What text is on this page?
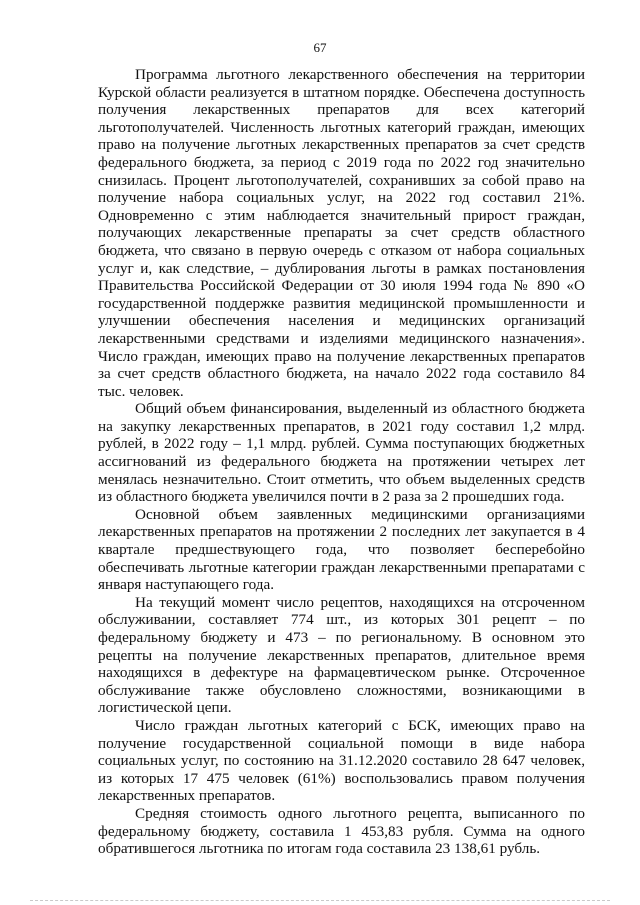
67

Программа льготного лекарственного обеспечения на территории Курской области реализуется в штатном порядке. Обеспечена доступность получения лекарственных препаратов для всех категорий льготополучателей. Численность льготных категорий граждан, имеющих право на получение льготных лекарственных препаратов за счет средств федерального бюджета, за период с 2019 года по 2022 год значительно снизилась. Процент льготополучателей, сохранивших за собой право на получение набора социальных услуг, на 2022 год составил 21%. Одновременно с этим наблюдается значительный прирост граждан, получающих лекарственные препараты за счет средств областного бюджета, что связано в первую очередь с отказом от набора социальных услуг и, как следствие, – дублирования льготы в рамках постановления Правительства Российской Федерации от 30 июля 1994 года № 890 «О государственной поддержке развития медицинской промышленности и улучшении обеспечения населения и медицинских организаций лекарственными средствами и изделиями медицинского назначения». Число граждан, имеющих право на получение лекарственных препаратов за счет средств областного бюджета, на начало 2022 года составило 84 тыс. человек.

Общий объем финансирования, выделенный из областного бюджета на закупку лекарственных препаратов, в 2021 году составил 1,2 млрд. рублей, в 2022 году – 1,1 млрд. рублей. Сумма поступающих бюджетных ассигнований из федерального бюджета на протяжении четырех лет менялась незначительно. Стоит отметить, что объем выделенных средств из областного бюджета увеличился почти в 2 раза за 2 прошедших года.

Основной объем заявленных медицинскими организациями лекарственных препаратов на протяжении 2 последних лет закупается в 4 квартале предшествующего года, что позволяет бесперебойно обеспечивать льготные категории граждан лекарственными препаратами с января наступающего года.

На текущий момент число рецептов, находящихся на отсроченном обслуживании, составляет 774 шт., из которых 301 рецепт – по федеральному бюджету и 473 – по региональному. В основном это рецепты на получение лекарственных препаратов, длительное время находящихся в дефектуре на фармацевтическом рынке. Отсроченное обслуживание также обусловлено сложностями, возникающими в логистической цепи.

Число граждан льготных категорий с БСК, имеющих право на получение государственной социальной помощи в виде набора социальных услуг, по состоянию на 31.12.2020 составило 28 647 человек, из которых 17 475 человек (61%) воспользовались правом получения лекарственных препаратов.

Средняя стоимость одного льготного рецепта, выписанного по федеральному бюджету, составила 1 453,83 рубля. Сумма на одного обратившегося льготника по итогам года составила 23 138,61 рубль.
